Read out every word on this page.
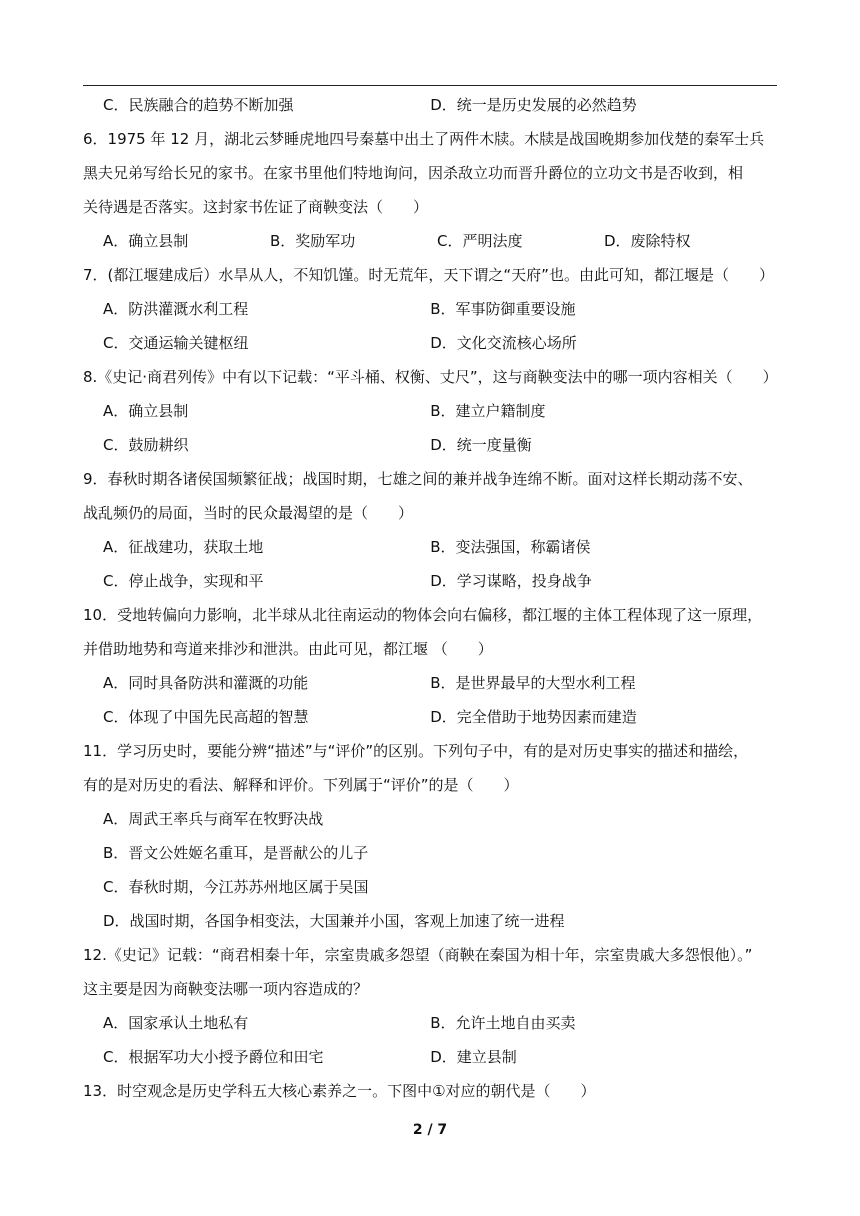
C．民族融合的趋势不断加强	D．统一是历史发展的必然趋势
6．1975 年 12 月，湖北云梦睡虎地四号秦墓中出土了两件木牍。木牍是战国晚期参加伐楚的秦军士兵
黑夫兄弟写给长兄的家书。在家书里他们特地询问，因杀敌立功而晋升爵位的立功文书是否收到，相
关待遇是否落实。这封家书佐证了商鞅变法（　　）
A．确立县制	B．奖励军功	C．严明法度	D．废除特权
7．(都江堰建成后）水旱从人，不知饥馑。时无荒年，天下谓之“天府”也。由此可知，都江堰是（　　）
A．防洪灌溉水利工程	B．军事防御重要设施
C．交通运输关键枢纽	D．文化交流核心场所
8.《史记·商君列传》中有以下记载：“平斗桶、权衡、丈尺”，这与商鞅变法中的哪一项内容相关（　　）
A．确立县制	B．建立户籍制度
C．鼓励耕织	D．统一度量衡
9．春秋时期各诸侯国频繁征战；战国时期，七雄之间的兼并战争连绵不断。面对这样长期动荡不安、
战乱频仍的局面，当时的民众最渴望的是（　　）
A．征战建功，获取土地	B．变法强国，称霸诸侯
C．停止战争，实现和平	D．学习谋略，投身战争
10．受地转偏向力影响，北半球从北往南运动的物体会向右偏移，都江堰的主体工程体现了这一原理，
并借助地势和弯道来排沙和泄洪。由此可见，都江堰 （　　）
A．同时具备防洪和灌溉的功能	B．是世界最早的大型水利工程
C．体现了中国先民高超的智慧	D．完全借助于地势因素而建造
11．学习历史时，要能分辨“描述”与“评价”的区别。下列句子中，有的是对历史事实的描述和描绘，
有的是对历史的看法、解释和评价。下列属于“评价”的是（　　）
A．周武王率兵与商军在牧野决战
B．晋文公姓姬名重耳，是晋献公的儿子
C．春秋时期，今江苏苏州地区属于吴国
D．战国时期，各国争相变法，大国兼并小国，客观上加速了统一进程
12.《史记》记载：“商君相秦十年，宗室贵戚多怨望（商鞅在秦国为相十年，宗室贵戚大多怨恨他）。”
这主要是因为商鞅变法哪一项内容造成的？
A．国家承认土地私有	B．允许土地自由买卖
C．根据军功大小授予爵位和田宅	D．建立县制
13．时空观念是历史学科五大核心素养之一。下图中①对应的朝代是（　　）
2 / 7
